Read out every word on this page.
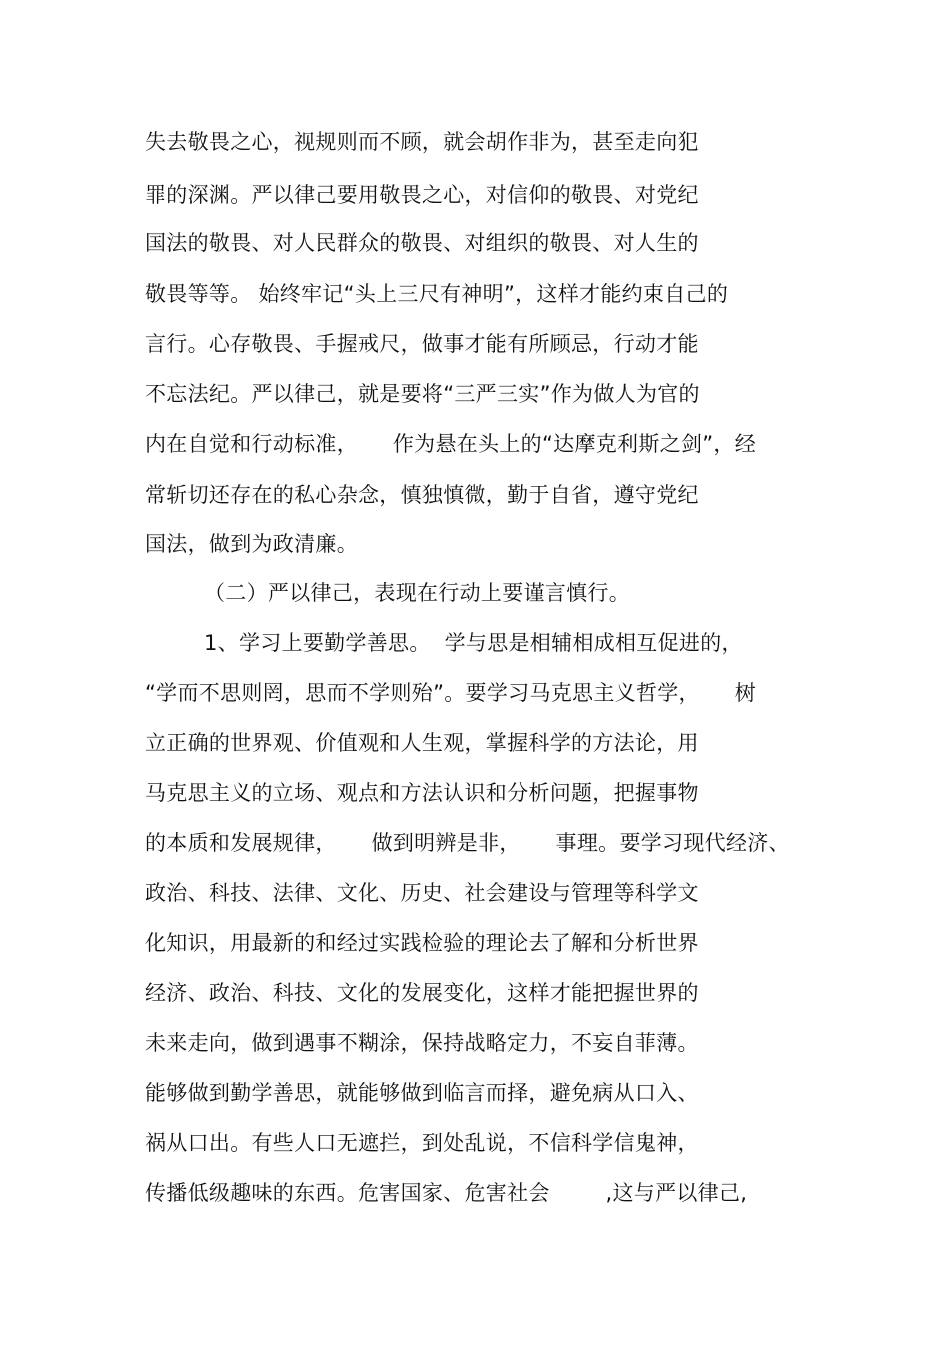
失去敬畏之心，视规则而不顾，就会胡作非为，甚至走向犯
罪的深渊。严以律己要用敬畏之心，对信仰的敬畏、对党纪
国法的敬畏、对人民群众的敬畏、对组织的敬畏、对人生的
敬畏等等。 始终牢记“头上三尺有神明”，这样才能约束自己的
言行。心存敬畏、手握戒尺，做事才能有所顾忌，行动才能
不忘法纪。严以律己，就是要将“三严三实”作为做人为官的
内在自觉和行动标准，     作为悬在头上的“达摩克利斯之剑”，经
常斩切还存在的私心杂念，慎独慎微，勤于自省，遵守党纪
国法，做到为政清廉。
（二）严以律己，表现在行动上要谨言慎行。
1、学习上要勤学善思。  学与思是相辅相成相互促进的，
“学而不思则罔，思而不学则殆”。要学习马克思主义哲学，     树
立正确的世界观、价值观和人生观，掌握科学的方法论，用
马克思主义的立场、观点和方法认识和分析问题，把握事物
的本质和发展规律，     做到明辨是非，     事理。要学习现代经济、
政治、科技、法律、文化、历史、社会建设与管理等科学文
化知识，用最新的和经过实践检验的理论去了解和分析世界
经济、政治、科技、文化的发展变化，这样才能把握世界的
未来走向，做到遇事不糊涂，保持战略定力，不妄自菲薄。
能够做到勤学善思，就能够做到临言而择，避免病从口入、
祸从口出。有些人口无遮拦，到处乱说，不信科学信鬼神，
传播低级趣味的东西。危害国家、危害社会        ,这与严以律己,
